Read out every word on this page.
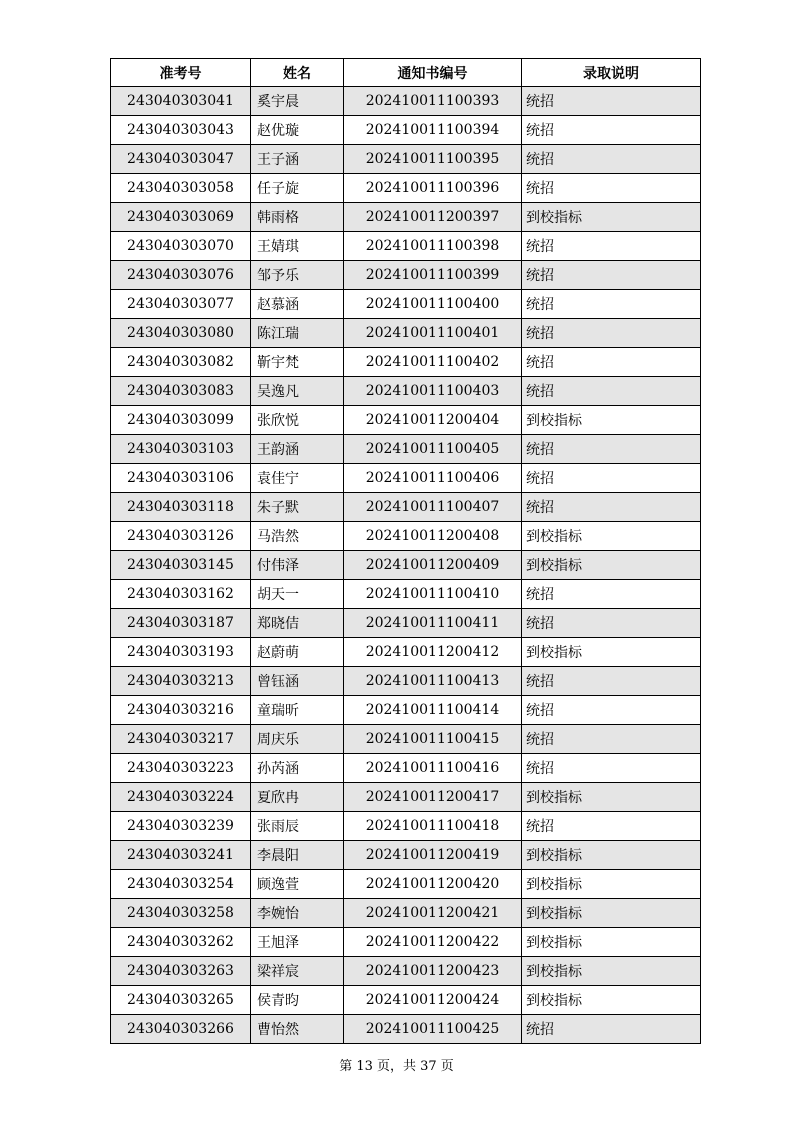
准考号	姓名	通知书编号	录取说明
243040303041	奚宇晨	202410011100393	统招
243040303043	赵优璇	202410011100394	统招
243040303047	王子涵	202410011100395	统招
243040303058	任子旋	202410011100396	统招
243040303069	韩雨格	202410011200397	到校指标
243040303070	王婧琪	202410011100398	统招
243040303076	邹予乐	202410011100399	统招
243040303077	赵慕涵	202410011100400	统招
243040303080	陈江瑞	202410011100401	统招
243040303082	靳宇梵	202410011100402	统招
243040303083	吴逸凡	202410011100403	统招
243040303099	张欣悦	202410011200404	到校指标
243040303103	王韵涵	202410011100405	统招
243040303106	袁佳宁	202410011100406	统招
243040303118	朱子默	202410011100407	统招
243040303126	马浩然	202410011200408	到校指标
243040303145	付伟泽	202410011200409	到校指标
243040303162	胡天一	202410011100410	统招
243040303187	郑晓佶	202410011100411	统招
243040303193	赵蔚萌	202410011200412	到校指标
243040303213	曾钰涵	202410011100413	统招
243040303216	童瑞昕	202410011100414	统招
243040303217	周庆乐	202410011100415	统招
243040303223	孙芮涵	202410011100416	统招
243040303224	夏欣冉	202410011200417	到校指标
243040303239	张雨辰	202410011100418	统招
243040303241	李晨阳	202410011200419	到校指标
243040303254	顾逸萱	202410011200420	到校指标
243040303258	李婉怡	202410011200421	到校指标
243040303262	王旭泽	202410011200422	到校指标
243040303263	梁祥宸	202410011200423	到校指标
243040303265	侯青昀	202410011200424	到校指标
243040303266	曹怡然	202410011100425	统招
第 13 页，共 37 页
